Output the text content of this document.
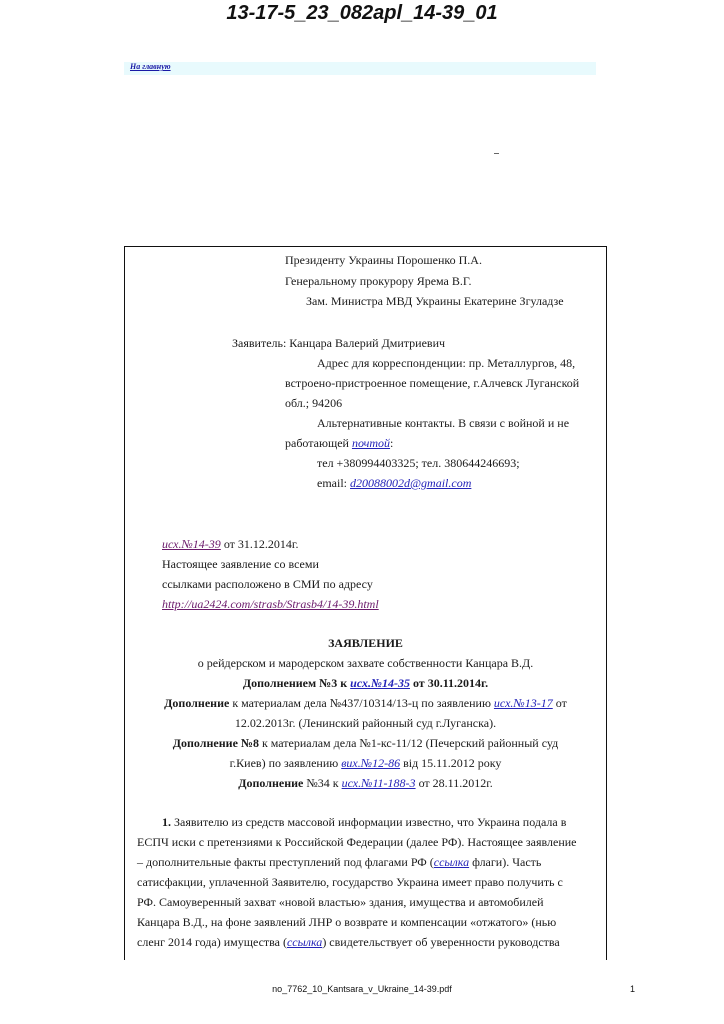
13-17-5_23_082apl_14-39_01
На главную
Президенту Украины Порошенко П.А.
Генеральному прокурору Ярема В.Г.
Зам. Министра МВД Украины Екатерине Згуладзе
Заявитель: Канцара Валерий Дмитриевич
Адрес для корреспонденции: пр. Металлургов, 48,
встроено-пристроенное помещение, г.Алчевск Луганской
обл.; 94206
Альтернативные контакты. В связи с войной и не
работающей почтой:
тел +380994403325; тел. 380644246693;
email: d20088002d@gmail.com
исх.№14-39 от 31.12.2014г.
Настоящее заявление со всеми
ссылками расположено в СМИ по адресу
http://ua2424.com/strasb/Strasb4/14-39.html
ЗАЯВЛЕНИЕ
о рейдерском и мародерском захвате собственности Канцара В.Д.
Дополнением №3 к исх.№14-35 от 30.11.2014г.
Дополнение к материалам дела №437/10314/13-ц по заявлению исх.№13-17 от
12.02.2013г. (Ленинский районный суд г.Луганска).
Дополнение №8 к материалам дела №1-кс-11/12 (Печерский районный суд
г.Киев) по заявлению вих.№12-86 від 15.11.2012 року
Дополнение №34 к исх.№11-188-3 от 28.11.2012г.
1. Заявителю из средств массовой информации известно, что Украина подала в
ЕСПЧ иски с претензиями к Российской Федерации (далее РФ). Настоящее заявление
– дополнительные факты преступлений под флагами РФ (ссылка флаги). Часть
сатисфакции, уплаченной Заявителю, государство Украина имеет право получить с
РФ. Самоуверенный захват «новой властью» здания, имущества и автомобилей
Канцара В.Д., на фоне заявлений ЛНР о возврате и компенсации «отжатого» (нью
сленг 2014 года) имущества (ссылка) свидетельствует об уверенности руководства
no_7762_10_Kantsara_v_Ukraine_14-39.pdf	1
